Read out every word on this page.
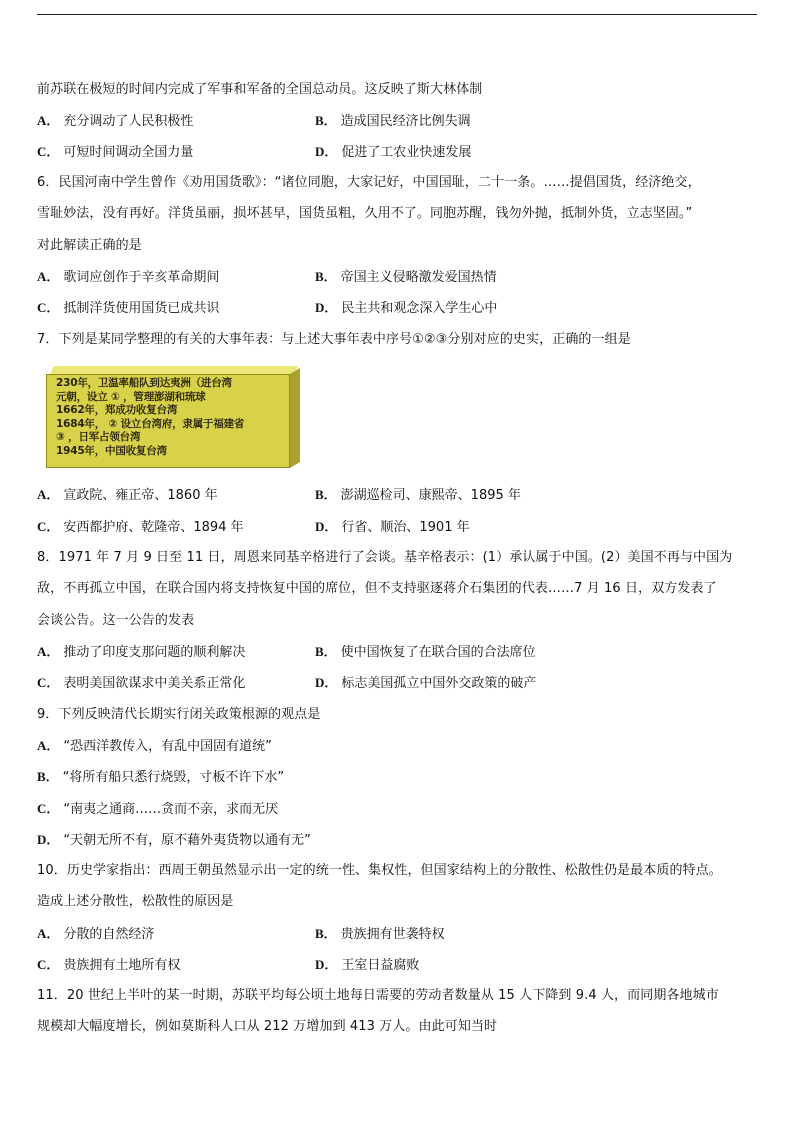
前苏联在极短的时间内完成了军事和军备的全国总动员。这反映了斯大林体制
A． 充分调动了人民积极性	B． 造成国民经济比例失调
C． 可短时间调动全国力量	D． 促进了工农业快速发展
6．民国河南中学生曾作《劝用国货歌》：“诸位同胞，大家记好，中国国耻，二十一条。……提倡国货，经济绝交，
雪耻妙法，没有再好。洋货虽丽，损坏甚早，国货虽粗，久用不了。同胞苏醒，钱勿外抛，抵制外货，立志坚固。”
对此解读正确的是
A． 歌词应创作于辛亥革命期间	B． 帝国主义侵略激发爱国热情
C． 抵制洋货使用国货已成共识	D． 民主共和观念深入学生心中
7．下列是某同学整理的有关的大事年表：与上述大事年表中序号①②③分别对应的史实，正确的一组是
230年，卫温率船队到达夷洲（进台湾
元朝，设立 ① ，管理澎湖和琉球
1662年，郑成功收复台湾
1684年， ② 设立台湾府，隶属于福建省
③ ，日军占领台湾
1945年，中国收复台湾
A． 宣政院、雍正帝、1860 年	B． 澎湖巡检司、康熙帝、1895 年
C． 安西都护府、乾隆帝、1894 年	D． 行省、顺治、1901 年
8．1971 年 7 月 9 日至 11 日，周恩来同基辛格进行了会谈。基辛格表示：(1）承认属于中国。(2）美国不再与中国为
敌，不再孤立中国，在联合国内将支持恢复中国的席位，但不支持驱逐蒋介石集团的代表……7 月 16 日，双方发表了
会谈公告。这一公告的发表
A． 推动了印度支那问题的顺利解决	B． 使中国恢复了在联合国的合法席位
C． 表明美国欲谋求中美关系正常化	D． 标志美国孤立中国外交政策的破产
9．下列反映清代长期实行闭关政策根源的观点是
A． “恐西洋教传入，有乱中国固有道统”
B． “将所有船只悉行烧毁，寸板不许下水”
C． “南夷之通商……贪而不亲，求而无厌
D． “天朝无所不有，原不藉外夷货物以通有无”
10．历史学家指出：西周王朝虽然显示出一定的统一性、集权性，但国家结构上的分散性、松散性仍是最本质的特点。
造成上述分散性，松散性的原因是
A． 分散的自然经济	B． 贵族拥有世袭特权
C． 贵族拥有土地所有权	D． 王室日益腐败
11．20 世纪上半叶的某一时期，苏联平均每公顷土地每日需要的劳动者数量从 15 人下降到 9.4 人，而同期各地城市
规模却大幅度增长，例如莫斯科人口从 212 万增加到 413 万人。由此可知当时
